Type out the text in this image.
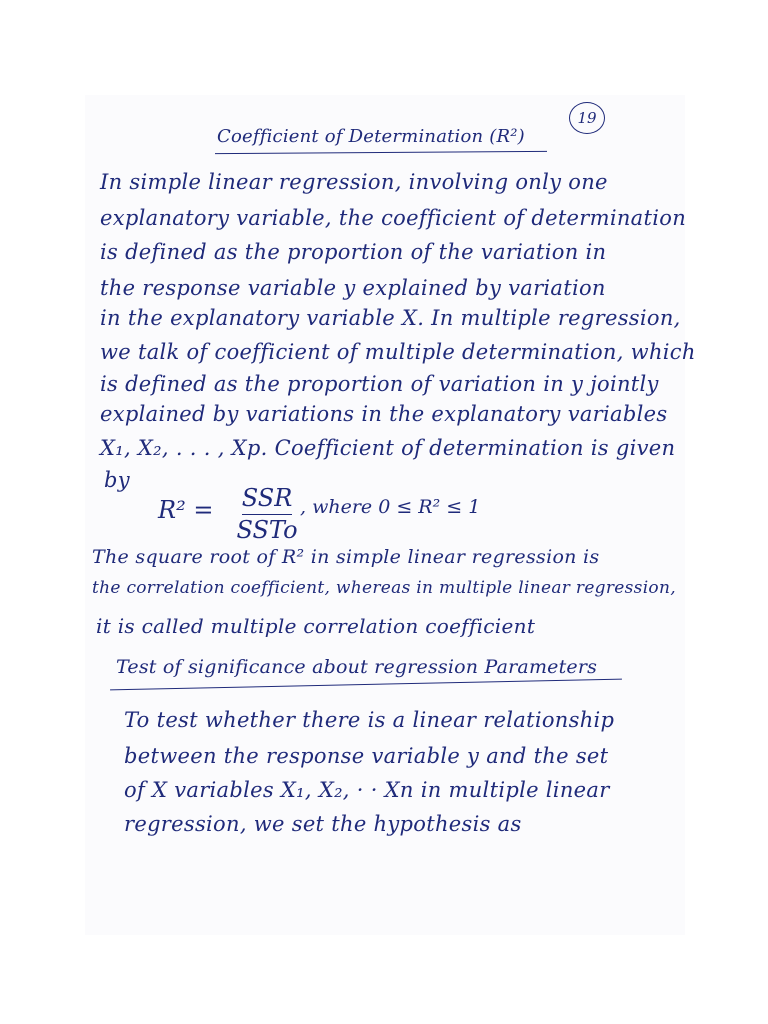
19
Coefficient of Determination (R²)
In simple linear regression, involving only one
explanatory variable, the coefficient of determination
is defined as the proportion of the variation in
the response variable y explained by variation
in the explanatory variable X. In multiple regression,
we talk of coefficient of multiple determination, which
is defined as the proportion of variation in y jointly
explained by variations in the explanatory variables
X₁, X₂, . . . , Xp. Coefficient of determination is given
by
R² = SSR
SSTo
, where 0 ≤ R² ≤ 1
The square root of R² in simple linear regression is
the correlation coefficient, whereas in multiple linear regression,
it is called multiple correlation coefficient
Test of significance about regression Parameters
To test whether there is a linear relationship
between the response variable y and the set
of X variables X₁, X₂, · · Xn in multiple linear
regression, we set the hypothesis as
